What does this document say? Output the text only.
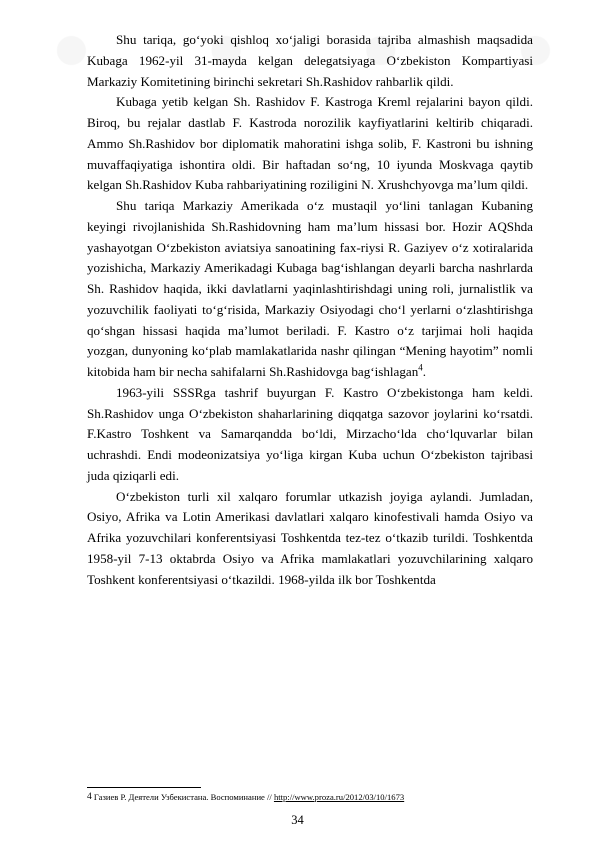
Shu tariqa, go‘yoki qishloq xo‘jaligi borasida tajriba almashish maqsadida Kubaga 1962-yil 31-mayda kelgan delegatsiyaga O‘zbekiston Kompartiyasi Markaziy Komitetining birinchi sekretari Sh.Rashidov rahbarlik qildi.

Kubaga yetib kelgan Sh. Rashidov F. Kastroga Kreml rejalarini bayon qildi. Biroq, bu rejalar dastlab F. Kastroda norozilik kayfiyatlarini keltirib chiqaradi. Ammo Sh.Rashidov bor diplomatik mahoratini ishga solib, F. Kastroni bu ishning muvaffaqiyatiga ishontira oldi. Bir haftadan so‘ng, 10 iyunda Moskvaga qaytib kelgan Sh.Rashidov Kuba rahbariyatining roziligini N. Xrushchyovga ma’lum qildi.

Shu tariqa Markaziy Amerikada o‘z mustaqil yo‘lini tanlagan Kubaning keyingi rivojlanishida Sh.Rashidovning ham ma’lum hissasi bor. Hozir AQShda yashayotgan O‘zbekiston aviatsiya sanoatining fax-riysi R. Gaziyev o‘z xotiralarida yozishicha, Markaziy Amerikadagi Kubaga bag‘ishlangan deyarli barcha nashrlarda Sh. Rashidov haqida, ikki davlatlarni yaqinlashtirishdagi uning roli, jurnalistlik va yozuvchilik faoliyati to‘g‘risida, Markaziy Osiyodagi cho‘l yerlarni o‘zlashtirishga qo‘shgan hissasi haqida ma’lumot beriladi. F. Kastro o‘z tarjimai holi haqida yozgan, dunyoning ko‘plab mamlakatlarida nashr qilingan “Mening hayotim” nomli kitobida ham bir necha sahifalarni Sh.Rashidovga bag‘ishlagan$^4$.

1963-yili SSSRga tashrif buyurgan F. Kastro O‘zbekistonga ham keldi. Sh.Rashidov unga O‘zbekiston shaharlarining diqqatga sazovor joylarini ko‘rsatdi. F.Kastro Toshkent va Samarqandda bo‘ldi, Mirzacho‘lda cho‘lquvarlar bilan uchrashdi. Endi modeonizatsiya yo‘liga kirgan Kuba uchun O‘zbekiston tajribasi juda qiziqarli edi.

O‘zbekiston turli xil xalqaro forumlar utkazish joyiga aylandi. Jumladan, Osiyo, Afrika va Lotin Amerikasi davlatlari xalqaro kinofestivali hamda Osiyo va Afrika yozuvchilari konferentsiyasi Toshkentda tez-tez o‘tkazib turildi. Toshkentda 1958-yil 7-13 oktabrda Osiyo va Afrika mamlakatlari yozuvchilarining xalqaro Toshkent konferentsiyasi o‘tkazildi. 1968-yilda ilk bor Toshkentda

4 Газиев Р. Деятели Узбекистана. Воспоминание // http://www.proza.ru/2012/03/10/1673
34
